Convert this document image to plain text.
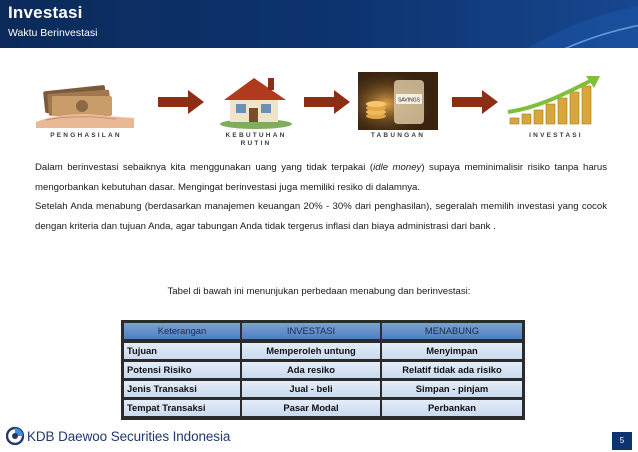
Investasi
Waktu Berinvestasi
PENGHASILAN	KEBUTUHAN
RUTIN
SAVINGS
TABUNGAN	INVESTASI

Dalam berinvestasi sebaiknya kita menggunakan uang yang tidak terpakai (idle money) supaya meminimalisir risiko tanpa harus mengorbankan kebutuhan dasar. Mengingat berinvestasi juga memiliki resiko di dalamnya.

Setelah Anda menabung (berdasarkan manajemen keuangan 20% - 30% dari penghasilan), segeralah memilih investasi yang cocok dengan kriteria dan tujuan Anda, agar tabungan Anda tidak tergerus inflasi dan biaya administrasi dari bank .

Tabel di bawah ini menunjukan perbedaan menabung dan berinvestasi:
Keterangan	INVESTASI	MENABUNG
Tujuan	Memperoleh untung	Menyimpan
Potensi Risiko	Ada resiko	Relatif tidak ada risiko
Jenis Transaksi	Jual - beli	Simpan - pinjam
Tempat Transaksi	Pasar Modal	Perbankan
KDB Daewoo Securities Indonesia	5
